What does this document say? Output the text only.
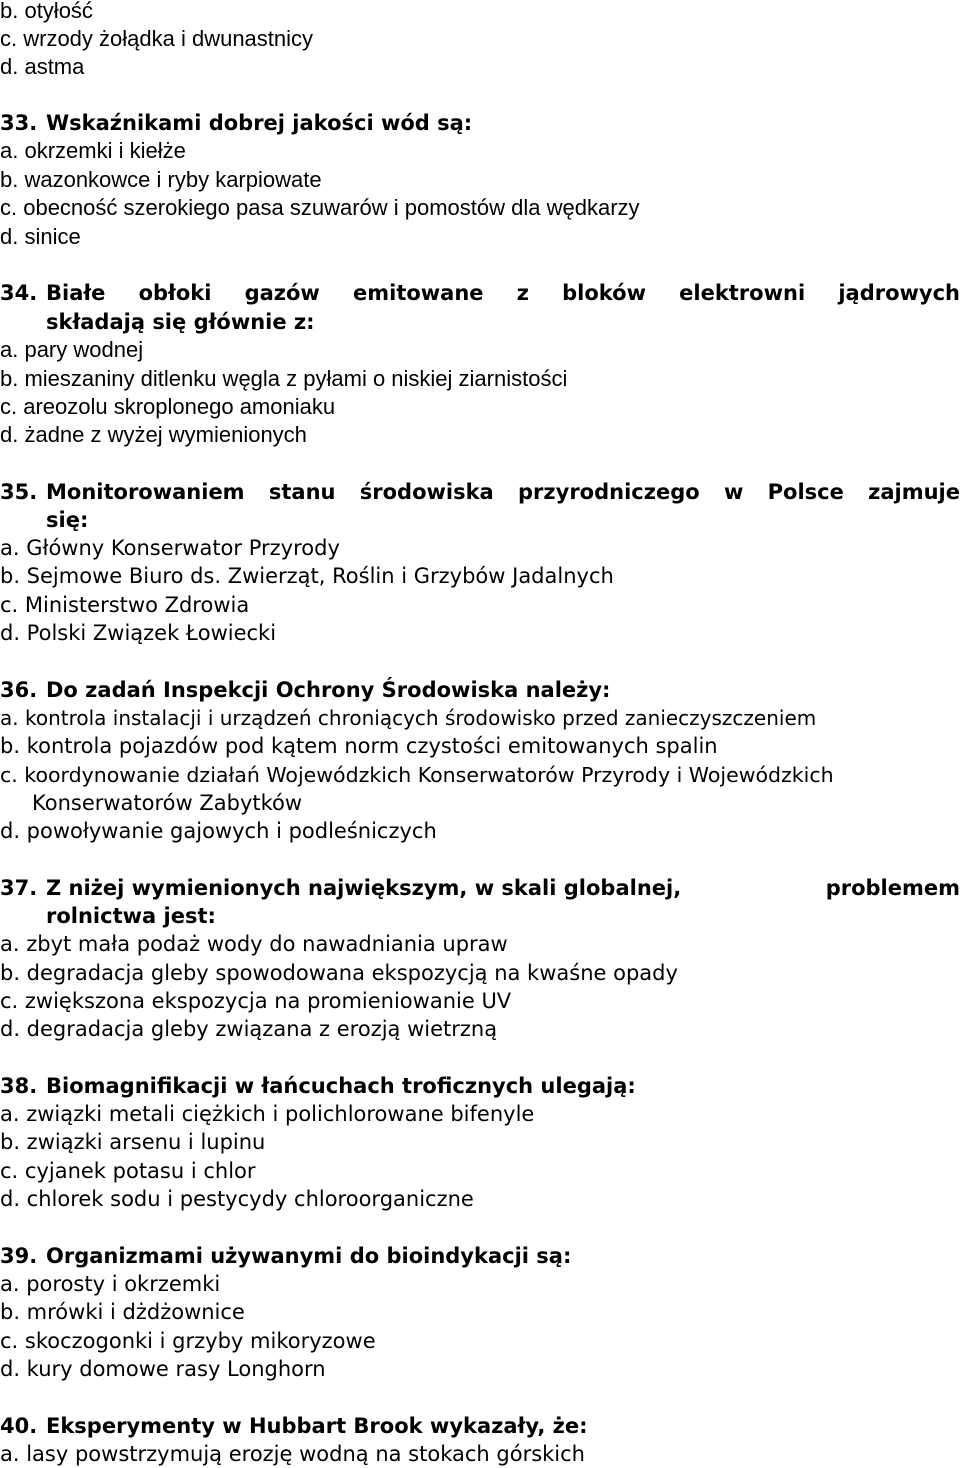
b. otyłość
c. wrzody żołądka i dwunastnicy
d. astma
33. Wskaźnikami dobrej jakości wód są:
a. okrzemki i kiełże
b. wazonkowce i ryby karpiowate
c. obecność szerokiego pasa szuwarów i pomostów dla wędkarzy
d. sinice
34. Białe obłoki gazów emitowane z bloków elektrowni jądrowych
składają się głównie z:
a. pary wodnej
b. mieszaniny ditlenku węgla z pyłami o niskiej ziarnistości
c. areozolu skroplonego amoniaku
d. żadne z wyżej wymienionych
35. Monitorowaniem stanu środowiska przyrodniczego w Polsce zajmuje
się:
a. Główny Konserwator Przyrody
b. Sejmowe Biuro ds. Zwierząt, Roślin i Grzybów Jadalnych
c. Ministerstwo Zdrowia
d. Polski Związek Łowiecki
36. Do zadań Inspekcji Ochrony Środowiska należy:
a. kontrola instalacji i urządzeń chroniących środowisko przed zanieczyszczeniem
b. kontrola pojazdów pod kątem norm czystości emitowanych spalin
c. koordynowanie działań Wojewódzkich Konserwatorów Przyrody i Wojewódzkich
Konserwatorów Zabytków
d. powoływanie gajowych i podleśniczych
37. Z niżej wymienionych największym, w skali globalnej,	problemem
rolnictwa jest:
a. zbyt mała podaż wody do nawadniania upraw
b. degradacja gleby spowodowana ekspozycją na kwaśne opady
c. zwiększona ekspozycja na promieniowanie UV
d. degradacja gleby związana z erozją wietrzną
38. Biomagnifikacji w łańcuchach troficznych ulegają:
a. związki metali ciężkich i polichlorowane bifenyle
b. związki arsenu i lupinu
c. cyjanek potasu i chlor
d. chlorek sodu i pestycydy chloroorganiczne
39. Organizmami używanymi do bioindykacji są:
a. porosty i okrzemki
b. mrówki i dżdżownice
c. skoczogonki i grzyby mikoryzowe
d. kury domowe rasy Longhorn
40. Eksperymenty w Hubbart Brook wykazały, że:
a. lasy powstrzymują erozję wodną na stokach górskich
